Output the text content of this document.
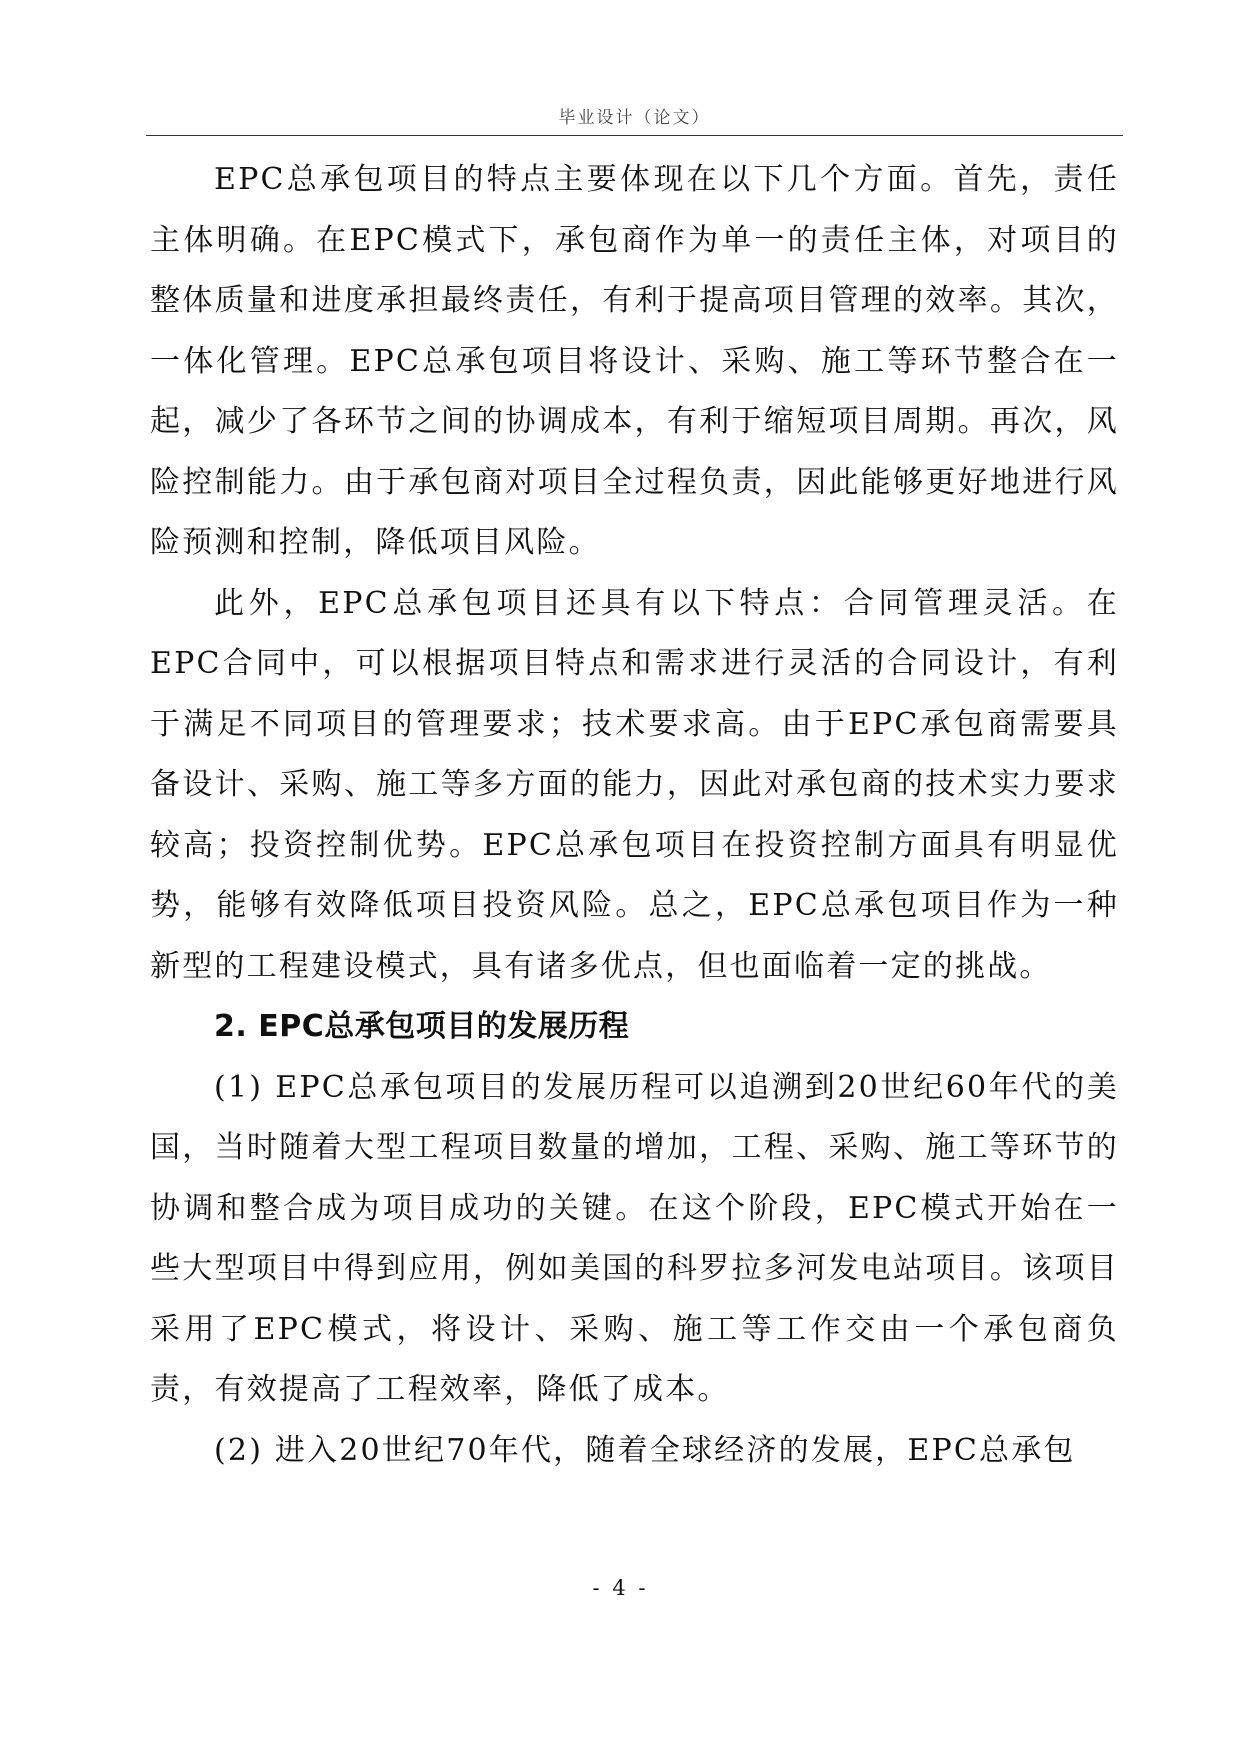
毕业设计（论文）

EPC总承包项目的特点主要体现在以下几个方面。首先，责任主体明确。在EPC模式下，承包商作为单一的责任主体，对项目的整体质量和进度承担最终责任，有利于提高项目管理的效率。其次，一体化管理。EPC总承包项目将设计、采购、施工等环节整合在一起，减少了各环节之间的协调成本，有利于缩短项目周期。再次，风险控制能力。由于承包商对项目全过程负责，因此能够更好地进行风险预测和控制，降低项目风险。

此外，EPC总承包项目还具有以下特点：合同管理灵活。在EPC合同中，可以根据项目特点和需求进行灵活的合同设计，有利于满足不同项目的管理要求；技术要求高。由于EPC承包商需要具备设计、采购、施工等多方面的能力，因此对承包商的技术实力要求较高；投资控制优势。EPC总承包项目在投资控制方面具有明显优势，能够有效降低项目投资风险。总之，EPC总承包项目作为一种新型的工程建设模式，具有诸多优点，但也面临着一定的挑战。

2. EPC总承包项目的发展历程

(1) EPC总承包项目的发展历程可以追溯到20世纪60年代的美国，当时随着大型工程项目数量的增加，工程、采购、施工等环节的协调和整合成为项目成功的关键。在这个阶段，EPC模式开始在一些大型项目中得到应用，例如美国的科罗拉多河发电站项目。该项目采用了EPC模式，将设计、采购、施工等工作交由一个承包商负责，有效提高了工程效率，降低了成本。

(2) 进入20世纪70年代，随着全球经济的发展，EPC总承包

- 4 -
